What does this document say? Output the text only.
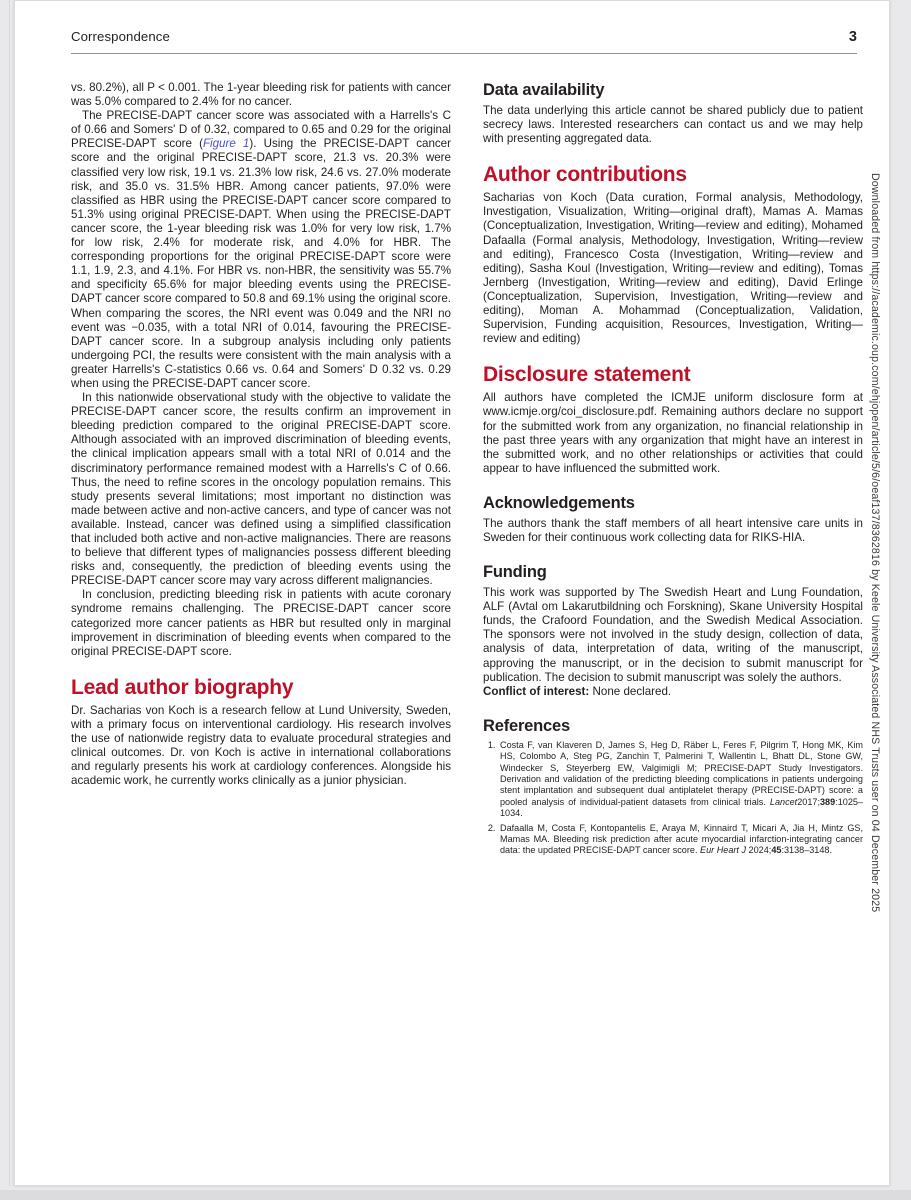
Correspondence	3

vs. 80.2%), all P < 0.001. The 1-year bleeding risk for patients with cancer was 5.0% compared to 2.4% for no cancer.

The PRECISE-DAPT cancer score was associated with a Harrells's C of 0.66 and Somers' D of 0.32, compared to 0.65 and 0.29 for the original PRECISE-DAPT score (Figure 1). Using the PRECISE-DAPT cancer score and the original PRECISE-DAPT score, 21.3 vs. 20.3% were classified very low risk, 19.1 vs. 21.3% low risk, 24.6 vs. 27.0% moderate risk, and 35.0 vs. 31.5% HBR. Among cancer patients, 97.0% were classified as HBR using the PRECISE-DAPT cancer score compared to 51.3% using original PRECISE-DAPT. When using the PRECISE-DAPT cancer score, the 1-year bleeding risk was 1.0% for very low risk, 1.7% for low risk, 2.4% for moderate risk, and 4.0% for HBR. The corresponding proportions for the original PRECISE-DAPT score were 1.1, 1.9, 2.3, and 4.1%. For HBR vs. non-HBR, the sensitivity was 55.7% and specificity 65.6% for major bleeding events using the PRECISE-DAPT cancer score compared to 50.8 and 69.1% using the original score. When comparing the scores, the NRI event was 0.049 and the NRI no event was −0.035, with a total NRI of 0.014, favouring the PRECISE-DAPT cancer score. In a subgroup analysis including only patients undergoing PCI, the results were consistent with the main analysis with a greater Harrells's C-statistics 0.66 vs. 0.64 and Somers' D 0.32 vs. 0.29 when using the PRECISE-DAPT cancer score.

In this nationwide observational study with the objective to validate the PRECISE-DAPT cancer score, the results confirm an improvement in bleeding prediction compared to the original PRECISE-DAPT score. Although associated with an improved discrimination of bleeding events, the clinical implication appears small with a total NRI of 0.014 and the discriminatory performance remained modest with a Harrells's C of 0.66. Thus, the need to refine scores in the oncology population remains. This study presents several limitations; most important no distinction was made between active and non-active cancers, and type of cancer was not available. Instead, cancer was defined using a simplified classification that included both active and non-active malignancies. There are reasons to believe that different types of malignancies possess different bleeding risks and, consequently, the prediction of bleeding events using the PRECISE-DAPT cancer score may vary across different malignancies.

In conclusion, predicting bleeding risk in patients with acute coronary syndrome remains challenging. The PRECISE-DAPT cancer score categorized more cancer patients as HBR but resulted only in marginal improvement in discrimination of bleeding events when compared to the original PRECISE-DAPT score.

Lead author biography

Dr. Sacharias von Koch is a research fellow at Lund University, Sweden, with a primary focus on interventional cardiology. His research involves the use of nationwide registry data to evaluate procedural strategies and clinical outcomes. Dr. von Koch is active in international collaborations and regularly presents his work at cardiology conferences. Alongside his academic work, he currently works clinically as a junior physician.

Data availability

The data underlying this article cannot be shared publicly due to patient secrecy laws. Interested researchers can contact us and we may help with presenting aggregated data.

Author contributions

Sacharias von Koch (Data curation, Formal analysis, Methodology, Investigation, Visualization, Writing—original draft), Mamas A. Mamas (Conceptualization, Investigation, Writing—review and editing), Mohamed Dafaalla (Formal analysis, Methodology, Investigation, Writing—review and editing), Francesco Costa (Investigation, Writing—review and editing), Sasha Koul (Investigation, Writing—review and editing), Tomas Jernberg (Investigation, Writing—review and editing), David Erlinge (Conceptualization, Supervision, Investigation, Writing—review and editing), Moman A. Mohammad (Conceptualization, Validation, Supervision, Funding acquisition, Resources, Investigation, Writing—review and editing)

Disclosure statement

All authors have completed the ICMJE uniform disclosure form at www.icmje.org/coi_disclosure.pdf. Remaining authors declare no support for the submitted work from any organization, no financial relationship in the past three years with any organization that might have an interest in the submitted work, and no other relationships or activities that could appear to have influenced the submitted work.

Acknowledgements

The authors thank the staff members of all heart intensive care units in Sweden for their continuous work collecting data for RIKS-HIA.

Funding

This work was supported by The Swedish Heart and Lung Foundation, ALF (Avtal om Lakarutbildning och Forskning), Skane University Hospital funds, the Crafoord Foundation, and the Swedish Medical Association. The sponsors were not involved in the study design, collection of data, analysis of data, interpretation of data, writing of the manuscript, approving the manuscript, or in the decision to submit manuscript for publication. The decision to submit manuscript was solely the authors.

Conflict of interest: None declared.

References
1. Costa F, van Klaveren D, James S, Heg D, Räber L, Feres F, Pilgrim T, Hong MK, Kim HS, Colombo A, Steg PG, Zanchin T, Palmerini T, Wallentin L, Bhatt DL, Stone GW, Windecker S, Steyerberg EW, Valgimigli M; PRECISE-DAPT Study Investigators. Derivation and validation of the predicting bleeding complications in patients undergoing stent implantation and subsequent dual antiplatelet therapy (PRECISE-DAPT) score: a pooled analysis of individual-patient datasets from clinical trials. Lancet2017;389:1025–1034.
2. Dafaalla M, Costa F, Kontopantelis E, Araya M, Kinnaird T, Micari A, Jia H, Mintz GS, Mamas MA. Bleeding risk prediction after acute myocardial infarction-integrating cancer data: the updated PRECISE-DAPT cancer score. Eur Heart J 2024;45:3138–3148.	Downloaded from https://academic.oup.com/ehjopen/article/5/6/oeaf137/8362816 by Keele University Associated NHS Trusts user on 04 December 2025
